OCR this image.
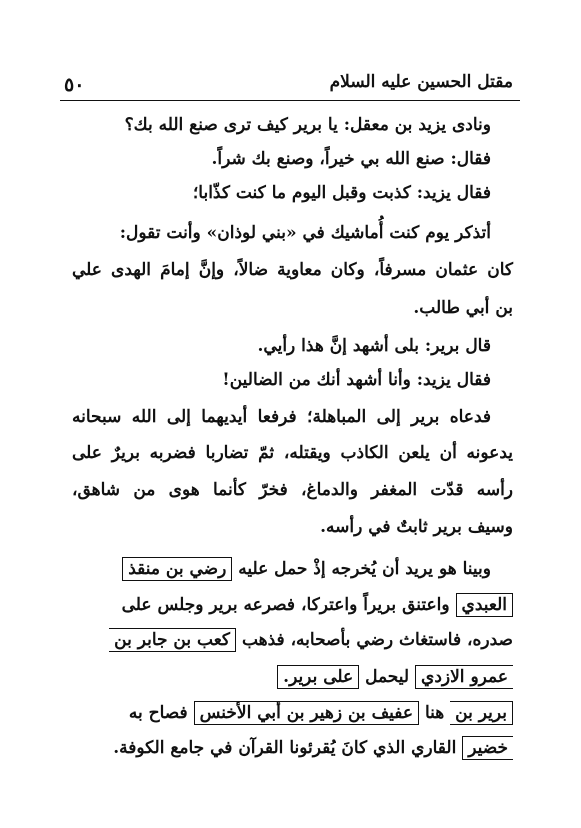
٥٠	مقتل الحسين عليه السلام
ونادى يزيد بن معقل: يا برير كيف ترى صنع الله بك؟
فقال: صنع الله بي خيراً، وصنع بك شراً.
فقال يزيد: كذبت وقبل اليوم ما كنت كذّابا؛
أتذكر يوم كنت أُماشيك في «بني لوذان» وأنت تقول:
كان عثمان مسرفاً، وكان معاوية ضالاً، وإنَّ إمامَ الهدى علي
بن أبي طالب.
قال برير: بلى أشهد إنَّ هذا رأيي.
فقال يزيد: وأنا أشهد أنك من الضالين!
فدعاه برير إلى المباهلة؛ فرفعا أيديهما إلى الله سبحانه
يدعونه أن يلعن الكاذب ويقتله، ثمّ تضاربا فضربه بريرٌ على
رأسه قدّت المغفر والدماغ، فخرّ كأنما هوى من شاهق،
وسيف برير ثابتٌ في رأسه.
وبينا هو يريد أن يُخرجه إذْ حمل عليه رضي بن منقذ
العبدي واعتنق بريراً واعتركا، فصرعه برير وجلس على
صدره، فاستغاث رضي بأصحابه، فذهب كعب بن جابر بن
عمرو الازدي ليحمل على برير.
برير بن هنا عفيف بن زهير بن أبي الأخنس فصاح به
خضير القاري الذي كانَ يُقرئونا القرآن في جامع الكوفة.
